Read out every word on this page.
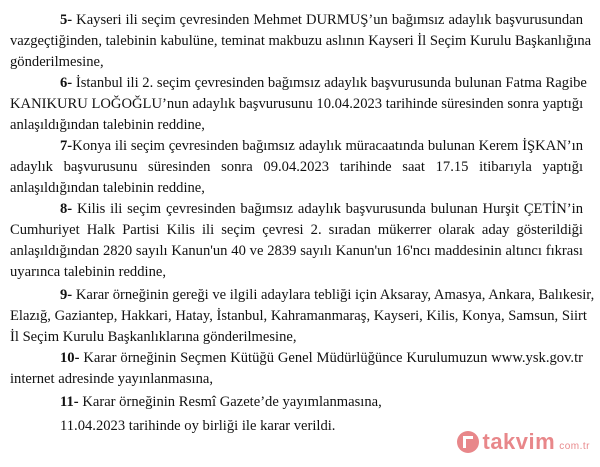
5- Kayseri ili seçim çevresinden Mehmet DURMUŞ’un bağımsız adaylık başvurusundan
vazgeçtiğinden, talebinin kabulüne, teminat makbuzu aslının Kayseri İl Seçim Kurulu Başkanlığına
gönderilmesine,
6- İstanbul ili 2. seçim çevresinden bağımsız adaylık başvurusunda bulunan Fatma Ragibe
KANIKURU LOĞOĞLU’nun adaylık başvurusunu 10.04.2023 tarihinde süresinden sonra yaptığı
anlaşıldığından talebinin reddine,
7-Konya ili seçim çevresinden bağımsız adaylık müracaatında bulunan Kerem İŞKAN’ın
adaylık başvurusunu süresinden sonra 09.04.2023 tarihinde saat 17.15 itibarıyla yaptığı
anlaşıldığından talebinin reddine,
8- Kilis ili seçim çevresinden bağımsız adaylık başvurusunda bulunan Hurşit ÇETİN’in
Cumhuriyet Halk Partisi Kilis ili seçim çevresi 2. sıradan mükerrer olarak aday gösterildiği
anlaşıldığından 2820 sayılı Kanun'un 40 ve 2839 sayılı Kanun'un 16'ncı maddesinin altıncı fıkrası
uyarınca talebinin reddine,
9- Karar örneğinin gereği ve ilgili adaylara tebliği için Aksaray, Amasya, Ankara, Balıkesir,
Elazığ, Gaziantep, Hakkari, Hatay, İstanbul, Kahramanmaraş, Kayseri, Kilis, Konya, Samsun, Siirt
İl Seçim Kurulu Başkanlıklarına gönderilmesine,
10- Karar örneğinin Seçmen Kütüğü Genel Müdürlüğünce Kurulumuzun www.ysk.gov.tr
internet adresinde yayınlanmasına,
11- Karar örneğinin Resmî Gazete’de yayımlanmasına,
11.04.2023 tarihinde oy birliği ile karar verildi.
takvim com.tr
